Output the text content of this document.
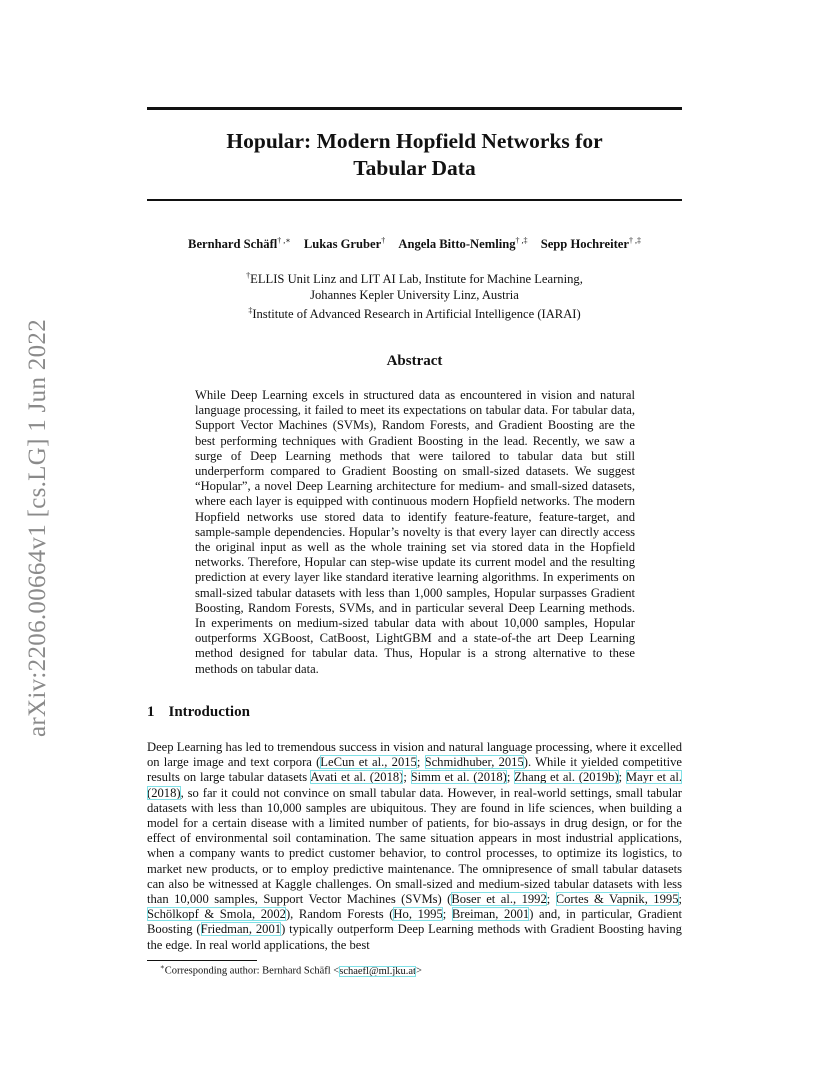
arXiv:2206.00664v1 [cs.LG] 1 Jun 2022
Hopular: Modern Hopfield Networks for
Tabular Data
Bernhard Schäfl† ,∗ Lukas Gruber† Angela Bitto-Nemling† ,‡ Sepp Hochreiter† ,‡
†ELLIS Unit Linz and LIT AI Lab, Institute for Machine Learning,
Johannes Kepler University Linz, Austria
‡Institute of Advanced Research in Artificial Intelligence (IARAI)
Abstract
While Deep Learning excels in structured data as encountered in vision and natural language processing, it failed to meet its expectations on tabular data. For tabular data, Support Vector Machines (SVMs), Random Forests, and Gradient Boosting are the best performing techniques with Gradient Boosting in the lead. Recently, we saw a surge of Deep Learning methods that were tailored to tabular data but still underperform compared to Gradient Boosting on small-sized datasets. We suggest “Hopular”, a novel Deep Learning architecture for medium- and small-sized datasets, where each layer is equipped with continuous modern Hopfield networks. The modern Hopfield networks use stored data to identify feature-feature, feature-target, and sample-sample dependencies. Hopular’s novelty is that every layer can directly access the original input as well as the whole training set via stored data in the Hopfield networks. Therefore, Hopular can step-wise update its current model and the resulting prediction at every layer like standard iterative learning algorithms. In experiments on small-sized tabular datasets with less than 1,000 samples, Hopular surpasses Gradient Boosting, Random Forests, SVMs, and in particular several Deep Learning methods. In experiments on medium-sized tabular data with about 10,000 samples, Hopular outperforms XGBoost, CatBoost, LightGBM and a state-of-the art Deep Learning method designed for tabular data. Thus, Hopular is a strong alternative to these methods on tabular data.
1 Introduction
Deep Learning has led to tremendous success in vision and natural language processing, where it excelled on large image and text corpora (LeCun et al., 2015; Schmidhuber, 2015). While it yielded competitive results on large tabular datasets Avati et al. (2018); Simm et al. (2018); Zhang et al. (2019b); Mayr et al. (2018), so far it could not convince on small tabular data. However, in real-world settings, small tabular datasets with less than 10,000 samples are ubiquitous. They are found in life sciences, when building a model for a certain disease with a limited number of patients, for bio-assays in drug design, or for the effect of environmental soil contamination. The same situation appears in most industrial applications, when a company wants to predict customer behavior, to control processes, to optimize its logistics, to market new products, or to employ predictive maintenance. The omnipresence of small tabular datasets can also be witnessed at Kaggle challenges. On small-sized and medium-sized tabular datasets with less than 10,000 samples, Support Vector Machines (SVMs) (Boser et al., 1992; Cortes & Vapnik, 1995; Schölkopf & Smola, 2002), Random Forests (Ho, 1995; Breiman, 2001) and, in particular, Gradient Boosting (Friedman, 2001) typically outperform Deep Learning methods with Gradient Boosting having the edge. In real world applications, the best
∗Corresponding author: Bernhard Schäfl <schaefl@ml.jku.at>
